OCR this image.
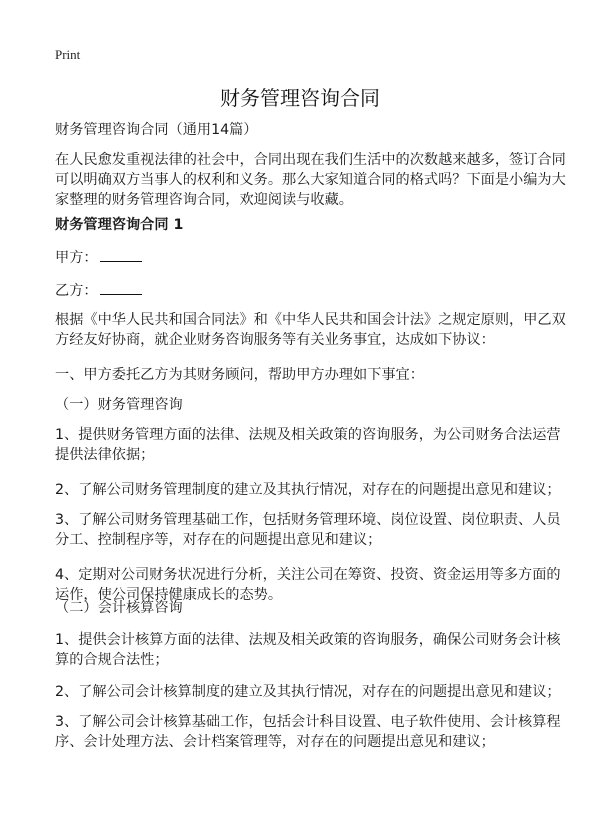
Print
财务管理咨询合同
财务管理咨询合同（通用14篇）
在人民愈发重视法律的社会中，合同出现在我们生活中的次数越来越多，签订合同
可以明确双方当事人的权利和义务。那么大家知道合同的格式吗？下面是小编为大
家整理的财务管理咨询合同，欢迎阅读与收藏。
财务管理咨询合同 1
甲方：
乙方：
根据《中华人民共和国合同法》和《中华人民共和国会计法》之规定原则，甲乙双
方经友好协商，就企业财务咨询服务等有关业务事宜，达成如下协议：
一、甲方委托乙方为其财务顾问，帮助甲方办理如下事宜：
（一）财务管理咨询
1、提供财务管理方面的法律、法规及相关政策的咨询服务，为公司财务合法运营
提供法律依据；
2、了解公司财务管理制度的建立及其执行情况，对存在的问题提出意见和建议；
3、了解公司财务管理基础工作，包括财务管理环境、岗位设置、岗位职责、人员
分工、控制程序等，对存在的问题提出意见和建议；
4、定期对公司财务状况进行分析，关注公司在筹资、投资、资金运用等多方面的
运作，使公司保持健康成长的态势。
（二）会计核算咨询
1、提供会计核算方面的法律、法规及相关政策的咨询服务，确保公司财务会计核
算的合规合法性；
2、了解公司会计核算制度的建立及其执行情况，对存在的问题提出意见和建议；
3、了解公司会计核算基础工作，包括会计科目设置、电子软件使用、会计核算程
序、会计处理方法、会计档案管理等，对存在的问题提出意见和建议；
